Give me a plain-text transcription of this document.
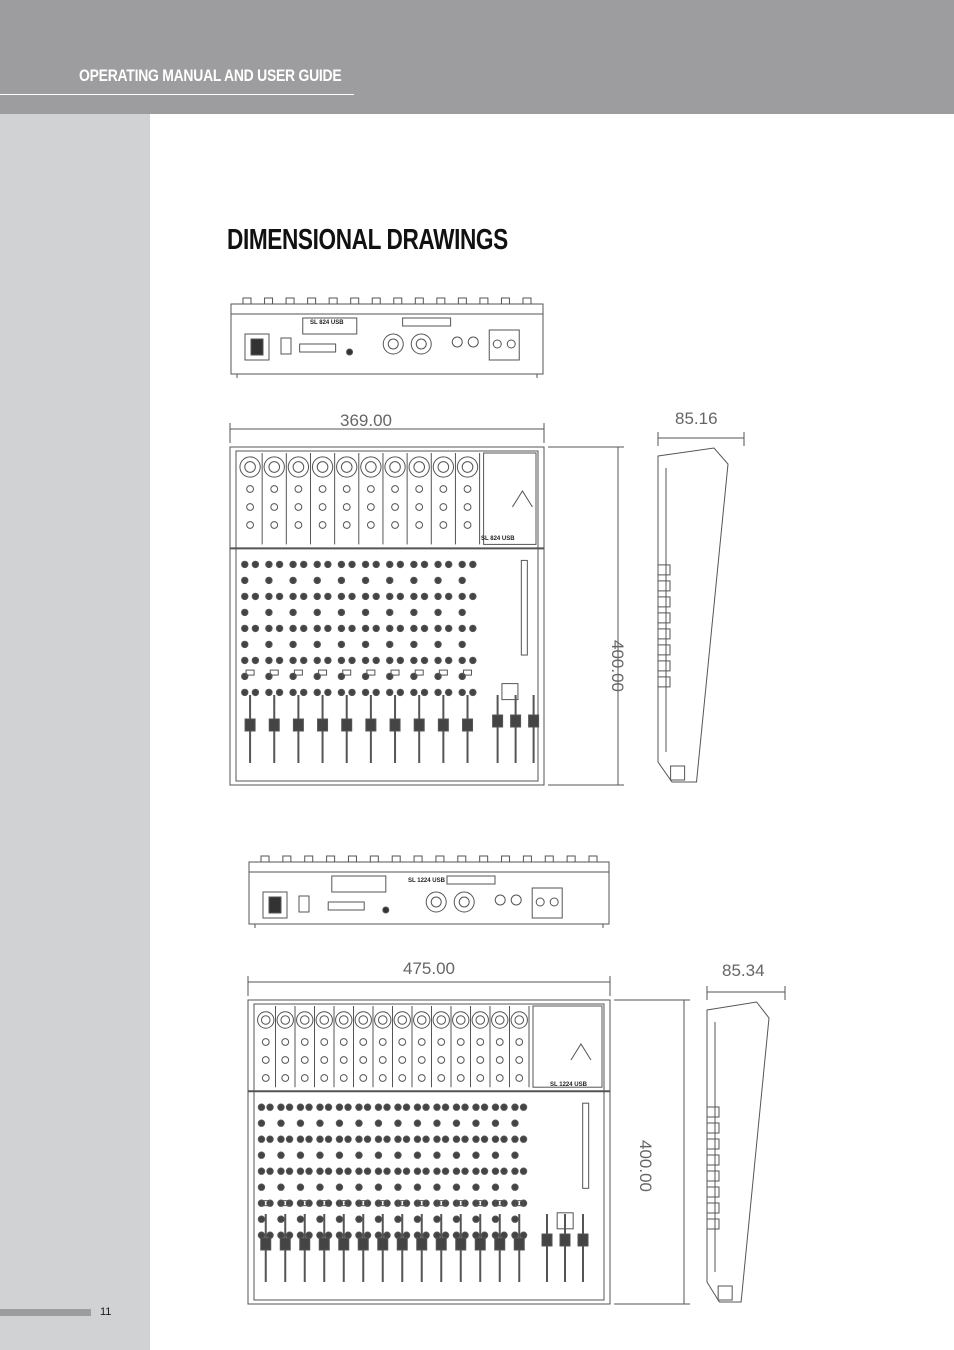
OPERATING MANUAL AND USER GUIDE
11
DIMENSIONAL DRAWINGS
369.00	85.16
400.00
SL 824 USB
SL 824 USB
475.00	85.34
400.00
SL 1224 USB
SL 1224 USB
